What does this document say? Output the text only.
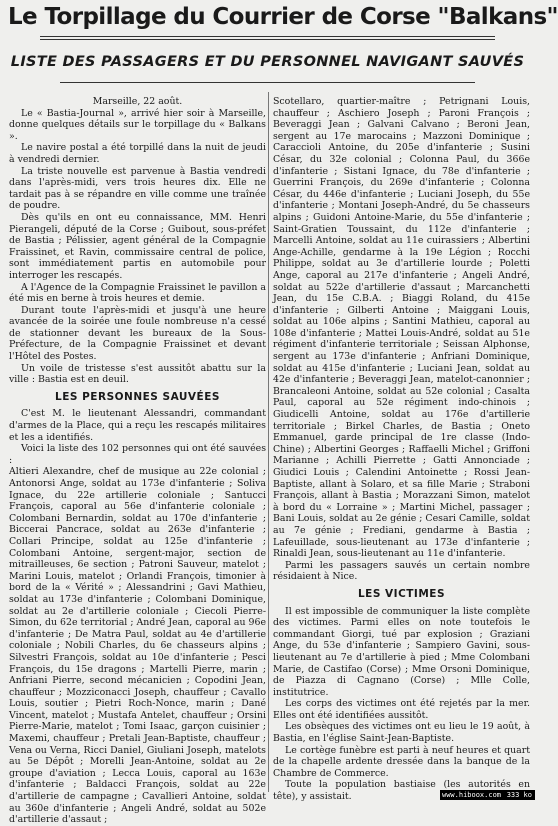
Le Torpillage du Courrier de Corse "Balkans"
LISTE DES PASSAGERS ET DU PERSONNEL NAVIGANT SAUVÉS

Marseille, 22 août.

Le « Bastia-Journal », arrivé hier soir à Marseille, donne quelques détails sur le torpillage du « Balkans ».

Le navire postal a été torpillé dans la nuit de jeudi à vendredi dernier.

La triste nouvelle est parvenue à Bastia vendredi dans l'après-midi, vers trois heures dix. Elle ne tardait pas à se répandre en ville comme une traînée de poudre.

Dès qu'ils en ont eu connaissance, MM. Henri Pierangeli, député de la Corse ; Guibout, sous-préfet de Bastia ; Pélissier, agent général de la Compagnie Fraissinet, et Ravin, commissaire central de police, sont immédiatement partis en automobile pour interroger les rescapés.

A l'Agence de la Compagnie Fraissinet le pavillon a été mis en berne à trois heures et demie.

Durant toute l'après-midi et jusqu'à une heure avancée de la soirée une foule nombreuse n'a cessé de stationner devant les bureaux de la Sous-Préfecture, de la Compagnie Fraissinet et devant l'Hôtel des Postes.

Un voile de tristesse s'est aussitôt abattu sur la ville : Bastia est en deuil.

LES PERSONNES SAUVÉES

C'est M. le lieutenant Alessandri, commandant d'armes de la Place, qui a reçu les rescapés militaires et les a identifiés.

Voici la liste des 102 personnes qui ont été sauvées :

Altieri Alexandre, chef de musique au 22e colonial ; Antonorsi Ange, soldat au 173e d'infanterie ; Soliva Ignace, du 22e artillerie coloniale ; Santucci François, caporal au 56e d'infanterie coloniale ; Colombani Bernardin, soldat au 170e d'infanterie ; Biccerai Pancrace, soldat au 263e d'infanterie ; Collari Principe, soldat au 125e d'infanterie ; Colombani Antoine, sergent-major, section de mitrailleuses, 6e section ; Patroni Sauveur, matelot ; Marini Louis, matelot ; Orlandi François, timonier à bord de la « Vérité » ; Alessandrini ; Gavi Mathieu, soldat au 173e d'infanterie ; Colombani Dominique, soldat au 2e d'artillerie coloniale ; Ciecoli Pierre-Simon, du 62e territorial ; André Jean, caporal au 96e d'infanterie ; De Matra Paul, soldat au 4e d'artillerie coloniale ; Nobili Charles, du 6e chasseurs alpins ; Silvestri François, soldat au 10e d'infanterie ; Pesci François, du 15e dragons ; Martelli Pierre, marin ; Anfriani Pierre, second mécanicien ; Copodini Jean, chauffeur ; Mozziconacci Joseph, chauffeur ; Cavallo Louis, soutier ; Pietri Roch-Nonce, marin ; Dané Vincent, matelot ; Mustafa Antelet, chauffeur ; Orsini Pierre-Marie, matelot ; Tomi Isaac, garçon cuisinier ; Maxemi, chauffeur ; Pretali Jean-Baptiste, chauffeur ; Vena ou Verna, Ricci Daniel, Giuliani Joseph, matelots au 5e Dépôt ; Morelli Jean-Antoine, soldat au 2e groupe d'aviation ; Lecca Louis, caporal au 163e d'infanterie ; Baldacci François, soldat au 22e d'artillerie de campagne ; Cavallieri Antoine, soldat au 360e d'infanterie ; Angeli André, soldat au 502e d'artillerie d'assaut ;

Scotellaro, quartier-maître ; Petrignani Louis, chauffeur ; Aschiero Joseph ; Paroni François ; Beveraggi Jean ; Galvani Calvano ; Beroni Jean, sergent au 17e marocains ; Mazzoni Dominique ; Caraccioli Antoine, du 205e d'infanterie ; Susini César, du 32e colonial ; Colonna Paul, du 366e d'infanterie ; Sistani Ignace, du 78e d'infanterie ; Guerrini François, du 269e d'infanterie ; Colonna César, du 446e d'infanterie ; Luciani Joseph, du 55e d'infanterie ; Montani Joseph-André, du 5e chasseurs alpins ; Guidoni Antoine-Marie, du 55e d'infanterie ; Saint-Gratien Toussaint, du 112e d'infanterie ; Marcelli Antoine, soldat au 11e cuirassiers ; Albertini Ange-Achille, gendarme à la 19e Légion ; Rocchi Philippe, soldat au 3e d'artillerie lourde ; Poletti Ange, caporal au 217e d'infanterie ; Angeli André, soldat au 522e d'artillerie d'assaut ; Marcanchetti Jean, du 15e C.B.A. ; Biaggi Roland, du 415e d'infanterie ; Gilberti Antoine ; Maiggani Louis, soldat au 106e alpins ; Santini Mathieu, caporal au 108e d'infanterie ; Mattei Louis-André, soldat au 51e régiment d'infanterie territoriale ; Seissan Alphonse, sergent au 173e d'infanterie ; Anfriani Dominique, soldat au 415e d'infanterie ; Luciani Jean, soldat au 42e d'infanterie ; Beveraggi Jean, matelot-canonnier ; Brancaleoni Antoine, soldat au 52e colonial ; Casalta Paul, caporal au 52e régiment indo-chinois ; Giudicelli Antoine, soldat au 176e d'artillerie territoriale ; Birkel Charles, de Bastia ; Oneto Emmanuel, garde principal de 1re classe (Indo-Chine) ; Albertini Georges ; Raffaelli Michel ; Griffoni Marianne ; Achilli Pierrette ; Gatti Annonciade ; Giudici Louis ; Calendini Antoinette ; Rossi Jean-Baptiste, allant à Solaro, et sa fille Marie ; Straboni François, allant à Bastia ; Morazzani Simon, matelot à bord du « Lorraine » ; Martini Michel, passager ; Bani Louis, soldat au 2e génie ; Cesari Camille, soldat au 7e génie ; Frediani, gendarme à Bastia ; Lafeuillade, sous-lieutenant au 173e d'infanterie ; Rinaldi Jean, sous-lieutenant au 11e d'infanterie.

Parmi les passagers sauvés un certain nombre résidaient à Nice.

LES VICTIMES

Il est impossible de communiquer la liste complète des victimes. Parmi elles on note toutefois le commandant Giorgi, tué par explosion ; Graziani Ange, du 53e d'infanterie ; Sampiero Gavini, sous-lieutenant au 7e d'artillerie à pied ; Mme Colombani Marie, de Castifao (Corse) ; Mme Orsoni Dominique, de Piazza di Cagnano (Corse) ; Mlle Colle, institutrice.

Les corps des victimes ont été rejetés par la mer. Elles ont été identifiées aussitôt.

Les obsèques des victimes ont eu lieu le 19 août, à Bastia, en l'église Saint-Jean-Baptiste.

Le cortège funèbre est parti à neuf heures et quart de la chapelle ardente dressée dans la banque de la Chambre de Commerce.

Toute la population bastiaise (les autorités en tête), y assistait.	www.hiboox.com 333 ko
